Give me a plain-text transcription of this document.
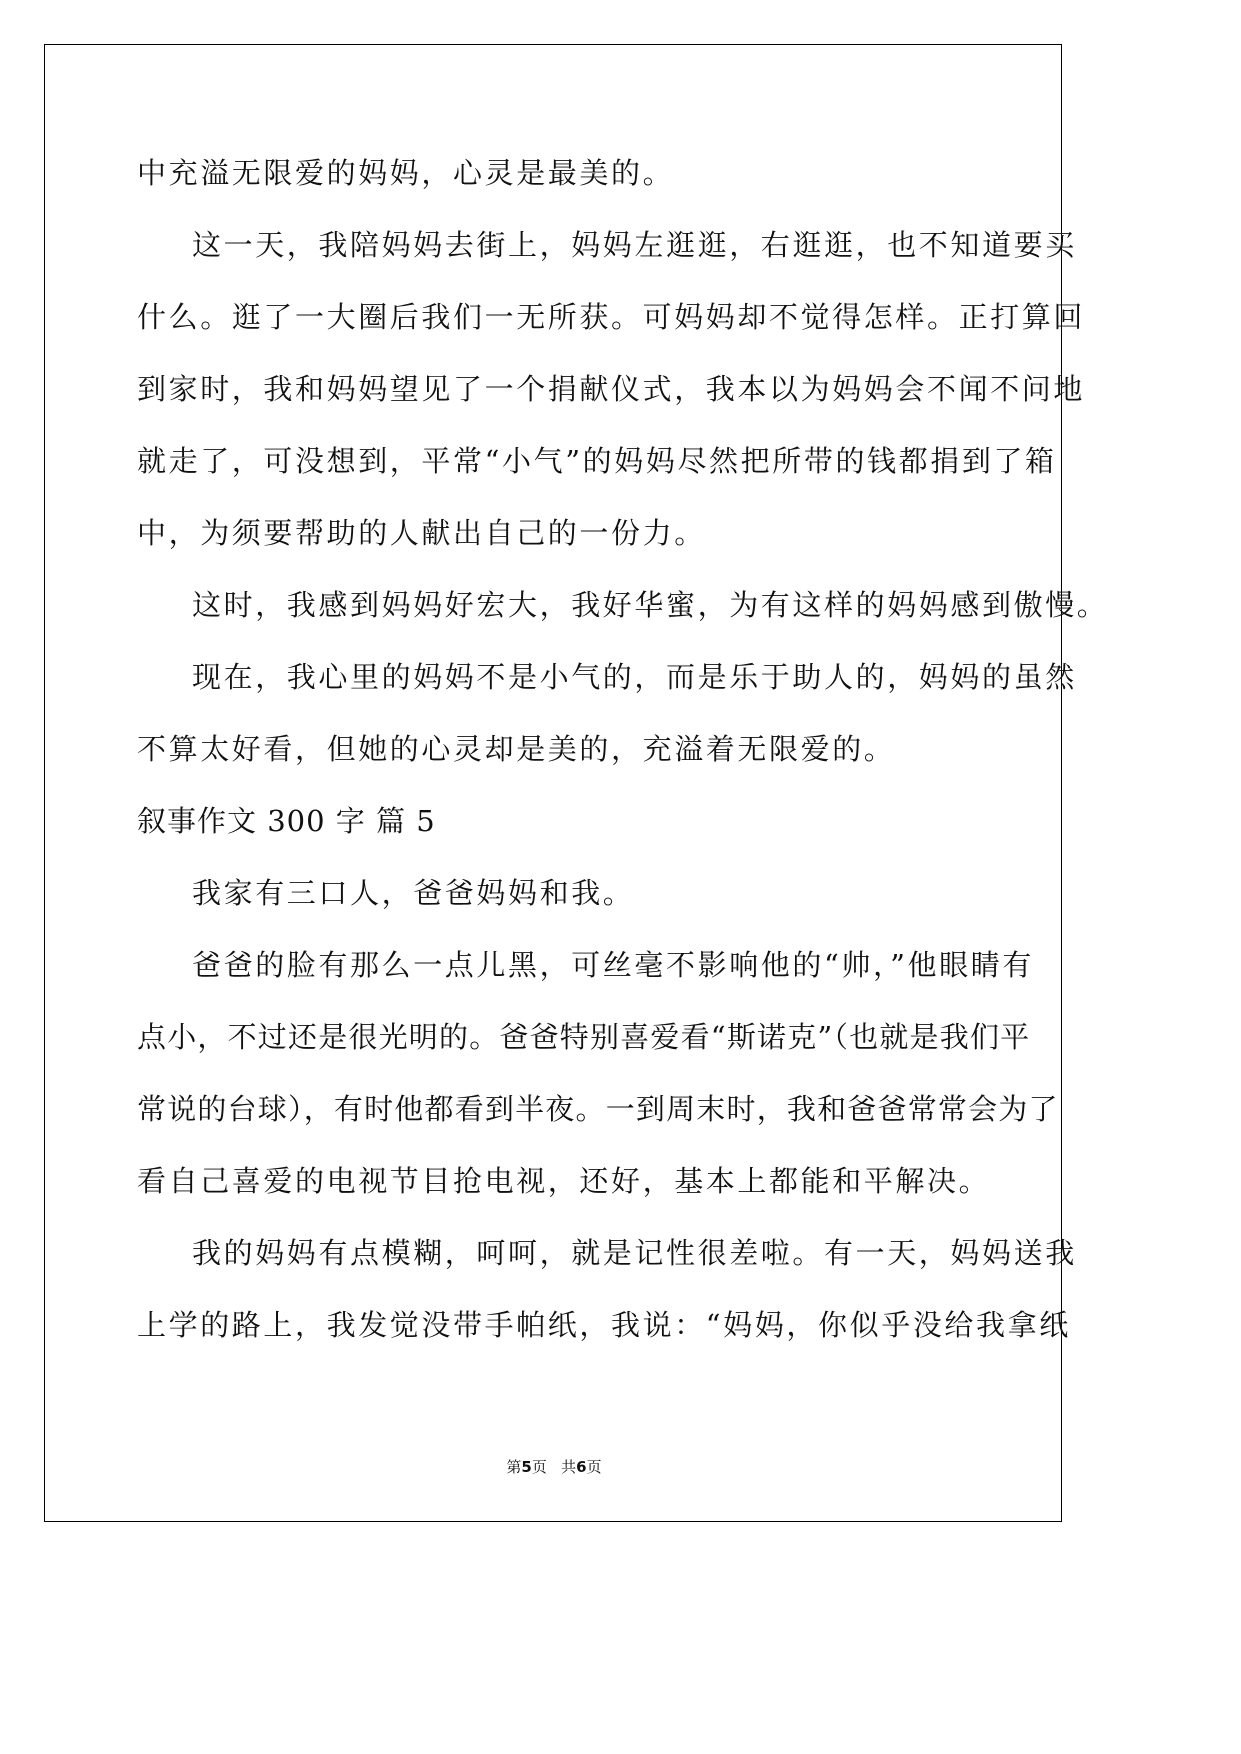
中充溢无限爱的妈妈，心灵是最美的。
这一天，我陪妈妈去街上，妈妈左逛逛，右逛逛，也不知道要买
什么。逛了一大圈后我们一无所获。可妈妈却不觉得怎样。正打算回
到家时，我和妈妈望见了一个捐献仪式，我本以为妈妈会不闻不问地
就走了，可没想到，平常“小气”的妈妈尽然把所带的钱都捐到了箱
中，为须要帮助的人献出自己的一份力。
这时，我感到妈妈好宏大，我好华蜜，为有这样的妈妈感到傲慢。
现在，我心里的妈妈不是小气的，而是乐于助人的，妈妈的虽然
不算太好看，但她的心灵却是美的，充溢着无限爱的。
叙事作文 300 字 篇 5
我家有三口人，爸爸妈妈和我。
爸爸的脸有那么一点儿黑，可丝毫不影响他的“帅，”他眼睛有
点小，不过还是很光明的。爸爸特别喜爱看“斯诺克”（也就是我们平
常说的台球），有时他都看到半夜。一到周末时，我和爸爸常常会为了
看自己喜爱的电视节目抢电视，还好，基本上都能和平解决。
我的妈妈有点模糊，呵呵，就是记性很差啦。有一天，妈妈送我
上学的路上，我发觉没带手帕纸，我说：“妈妈，你似乎没给我拿纸
第5页   共6页
